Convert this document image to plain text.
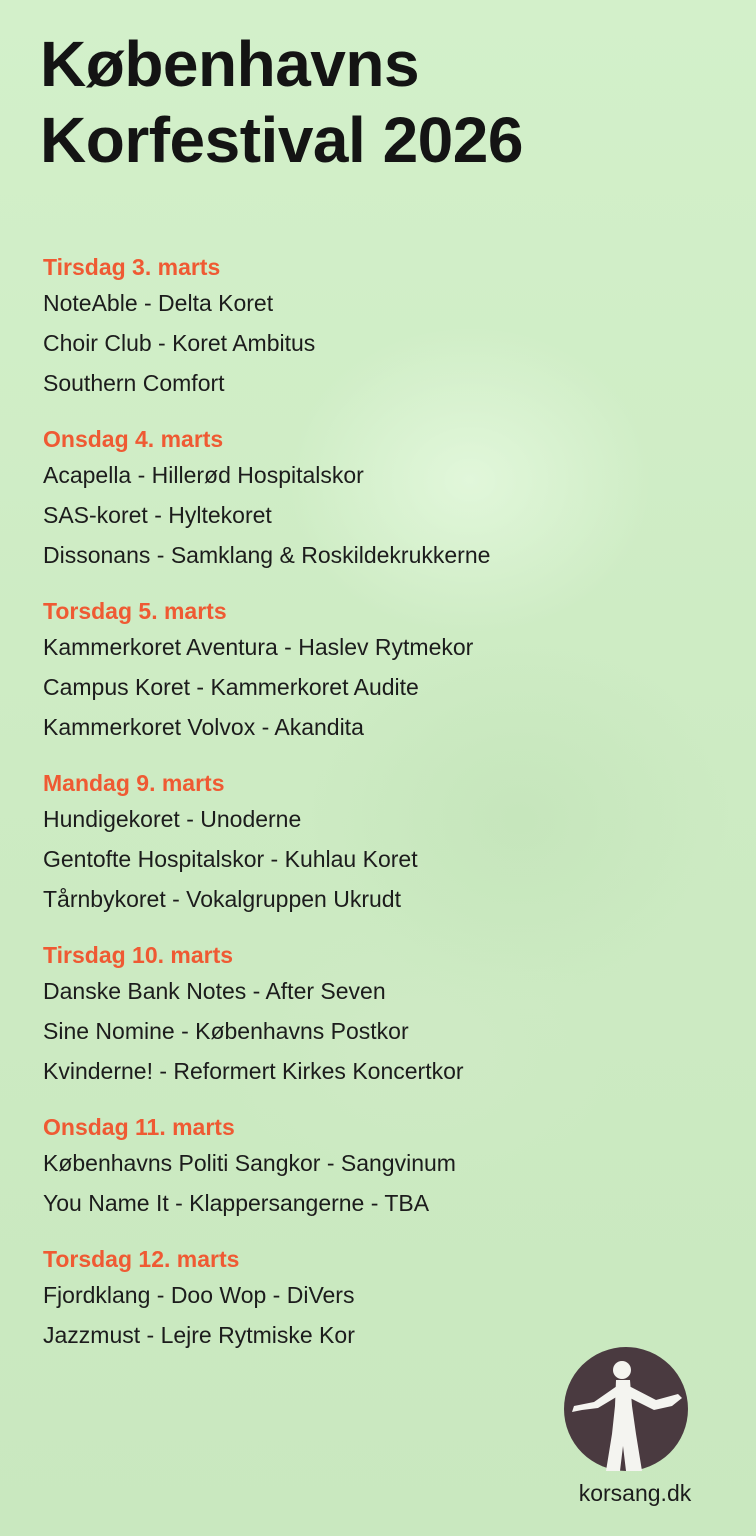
Københavns
Korfestival 2026
Tirsdag 3. marts
NoteAble - Delta Koret
Choir Club - Koret Ambitus
Southern Comfort
Onsdag 4. marts
Acapella - Hillerød Hospitalskor
SAS-koret - Hyltekoret
Dissonans - Samklang & Roskildekrukkerne
Torsdag 5. marts
Kammerkoret Aventura - Haslev Rytmekor
Campus Koret - Kammerkoret Audite
Kammerkoret Volvox - Akandita
Mandag 9. marts
Hundigekoret - Unoderne
Gentofte Hospitalskor - Kuhlau Koret
Tårnbykoret - Vokalgruppen Ukrudt
Tirsdag 10. marts
Danske Bank Notes - After Seven
Sine Nomine - Københavns Postkor
Kvinderne! - Reformert Kirkes Koncertkor
Onsdag 11. marts
Københavns Politi Sangkor - Sangvinum
You Name It - Klappersangerne - TBA
Torsdag 12. marts
Fjordklang - Doo Wop - DiVers
Jazzmust - Lejre Rytmiske Kor
korsang.dk
